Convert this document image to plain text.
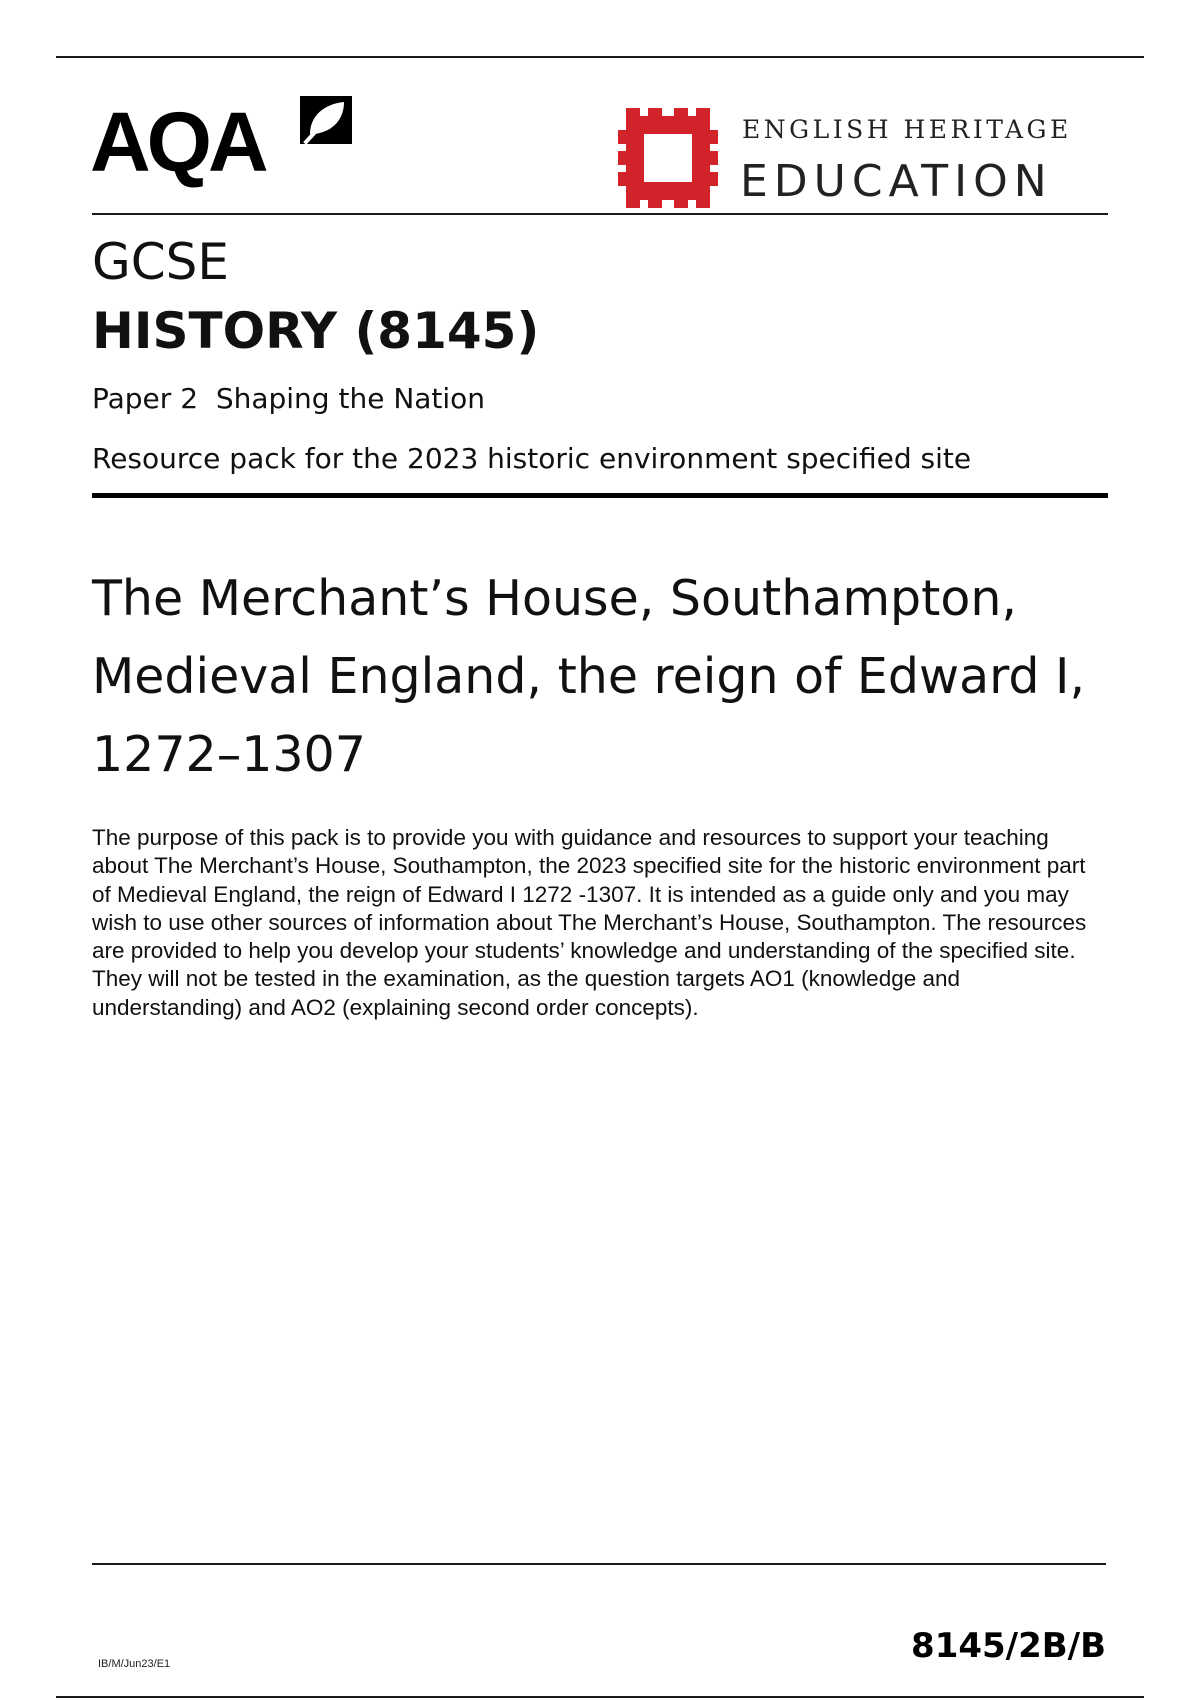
AQA	ENGLISH HERITAGE
EDUCATION
GCSE
HISTORY (8145)
Paper 2  Shaping the Nation
Resource pack for the 2023 historic environment specified site
The Merchant’s House, Southampton,
Medieval England, the reign of Edward I,
1272–1307

The purpose of this pack is to provide you with guidance and resources to support your teaching about The Merchant’s House, Southampton, the 2023 specified site for the historic environment part of Medieval England, the reign of Edward I 1272 -1307. It is intended as a guide only and you may wish to use other sources of information about The Merchant’s House, Southampton. The resources are provided to help you develop your students’ knowledge and understanding of the specified site. They will not be tested in the examination, as the question targets AO1 (knowledge and understanding) and AO2 (explaining second order concepts).

IB/M/Jun23/E1	8145/2B/B
